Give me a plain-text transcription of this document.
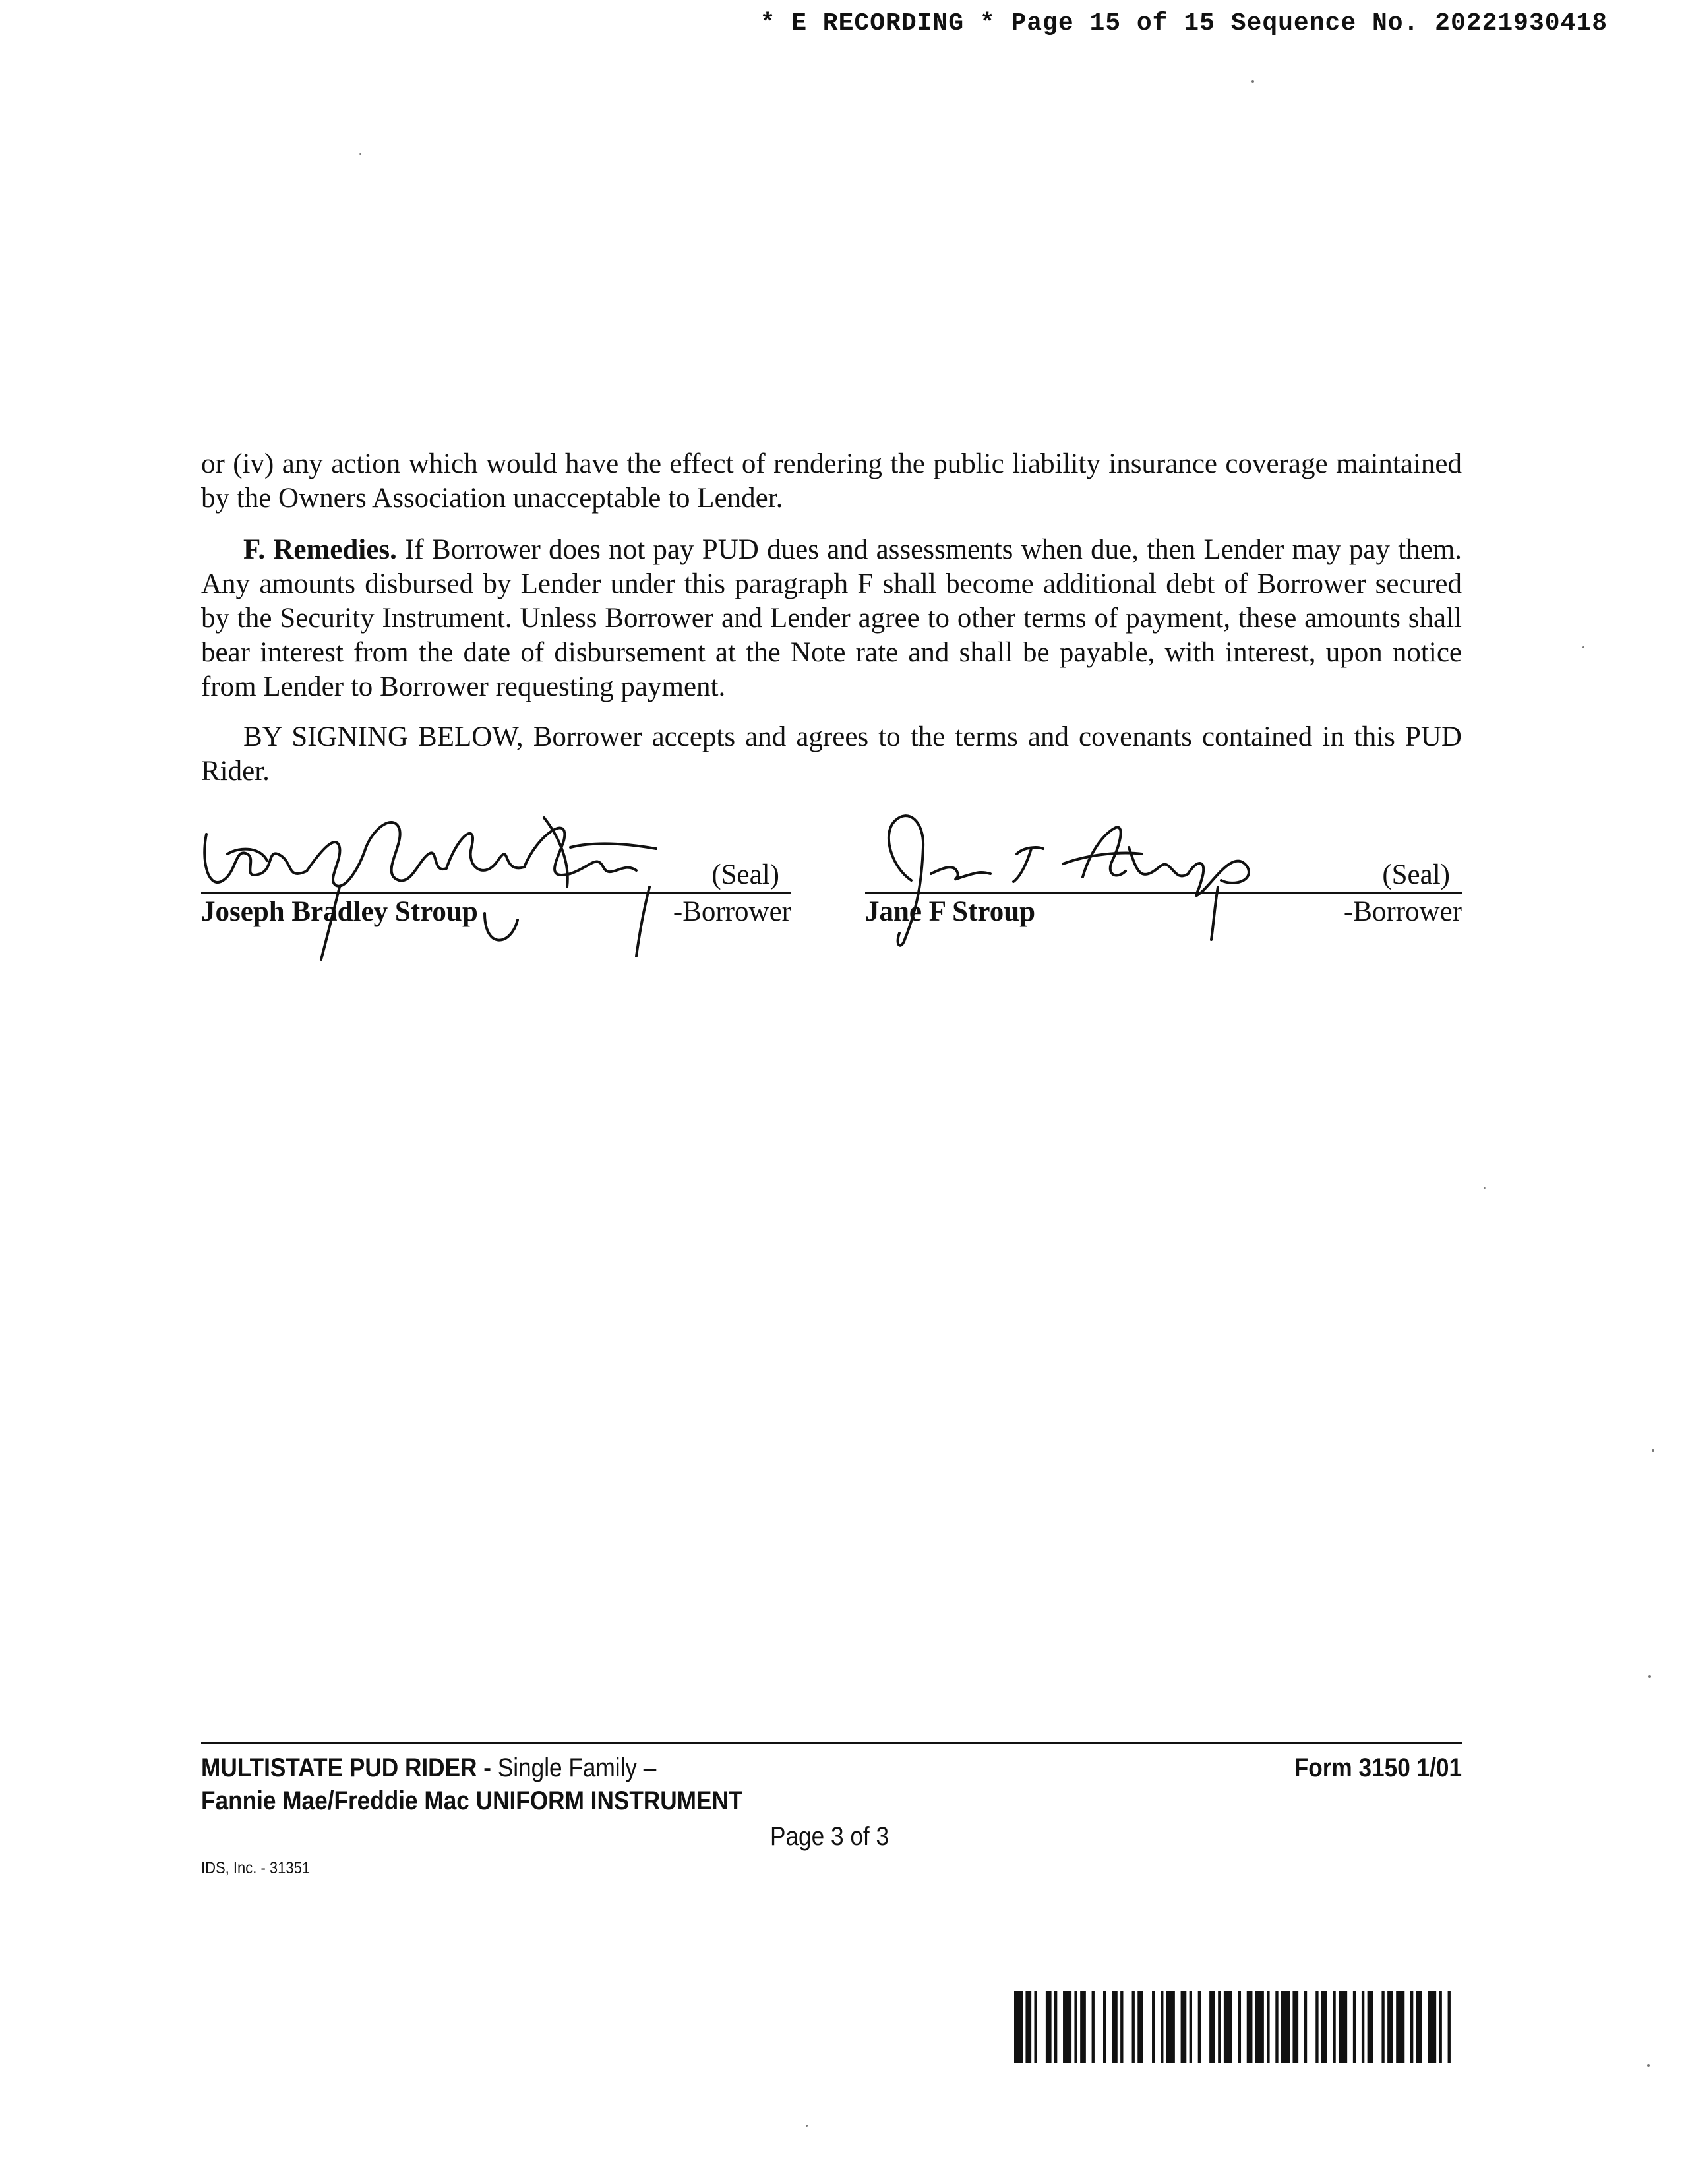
* E RECORDING * Page 15 of 15 Sequence No. 20221930418

or (iv) any action which would have the effect of rendering the public liability insurance coverage maintained by the Owners Association unacceptable to Lender.

F. Remedies. If Borrower does not pay PUD dues and assessments when due, then Lender may pay them. Any amounts disbursed by Lender under this paragraph F shall become additional debt of Borrower secured by the Security Instrument. Unless Borrower and Lender agree to other terms of payment, these amounts shall bear interest from the date of disbursement at the Note rate and shall be payable, with interest, upon notice from Lender to Borrower requesting payment.

BY SIGNING BELOW, Borrower accepts and agrees to the terms and covenants contained in this PUD Rider.

(Seal)
Joseph Bradley Stroup	-Borrower
(Seal)
Jane F Stroup	-Borrower
MULTISTATE PUD RIDER - Single Family –
Fannie Mae/Freddie Mac UNIFORM INSTRUMENT
Form 3150 1/01
Page 3 of 3
IDS, Inc. - 31351
